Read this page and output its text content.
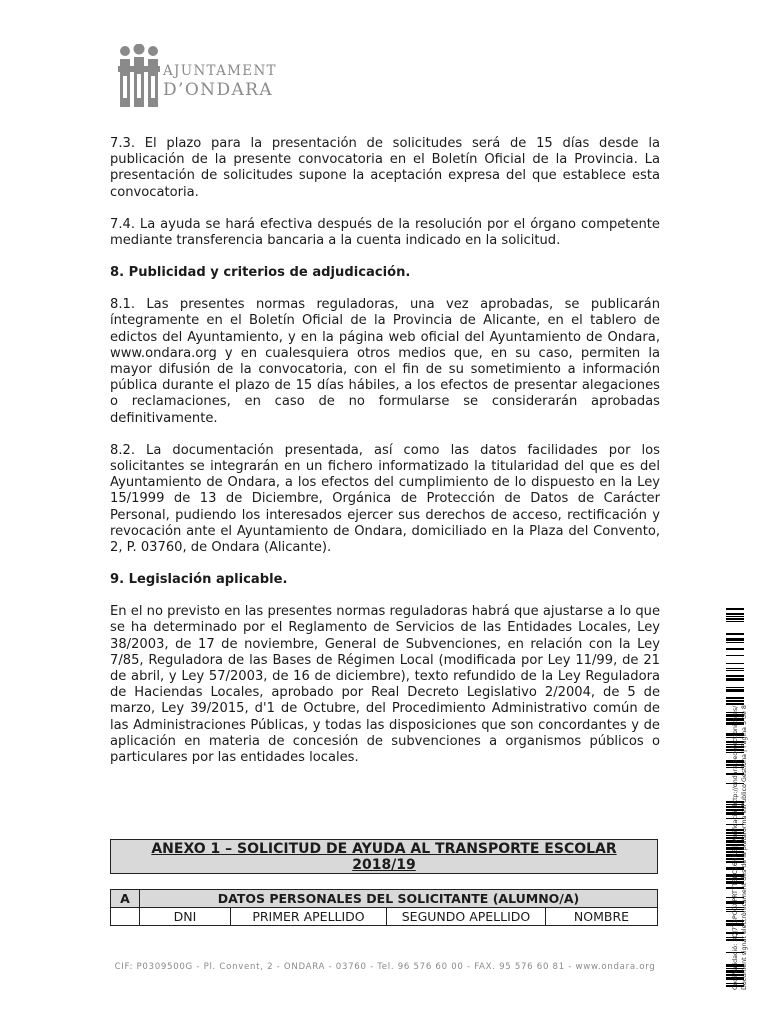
AJUNTAMENT
D’ONDARA

7.3. El plazo para la presentación de solicitudes será de 15 días desde la publicación de la presente convocatoria en el Boletín Oficial de la Provincia. La presentación de solicitudes supone la aceptación expresa del que establece esta convocatoria.

7.4. La ayuda se hará efectiva después de la resolución por el órgano competente mediante transferencia bancaria a la cuenta indicado en la solicitud.

8. Publicidad y criterios de adjudicación.

8.1. Las presentes normas reguladoras, una vez aprobadas, se publicarán íntegramente en el Boletín Oficial de la Provincia de Alicante, en el tablero de edictos del Ayuntamiento, y en la página web oficial del Ayuntamiento de Ondara, www.ondara.org y en cualesquiera otros medios que, en su caso, permiten la mayor difusión de la convocatoria, con el fin de su sometimiento a información pública durante el plazo de 15 días hábiles, a los efectos de presentar alegaciones o reclamaciones, en caso de no formularse se considerarán aprobadas definitivamente.

8.2. La documentación presentada, así como las datos facilidades por los solicitantes se integrarán en un fichero informatizado la titularidad del que es del Ayuntamiento de Ondara, a los efectos del cumplimiento de lo dispuesto en la Ley 15/1999 de 13 de Diciembre, Orgánica de Protección de Datos de Carácter Personal, pudiendo los interesados ejercer sus derechos de acceso, rectificación y revocación ante el Ayuntamiento de Ondara, domiciliado en la Plaza del Convento, 2, P. 03760, de Ondara (Alicante).

9. Legislación aplicable.

En el no previsto en las presentes normas reguladoras habrá que ajustarse a lo que se ha determinado por el Reglamento de Servicios de las Entidades Locales, Ley 38/2003, de 17 de noviembre, General de Subvenciones, en relación con la Ley 7/85, Reguladora de las Bases de Régimen Local (modificada por Ley 11/99, de 21 de abril, y Ley 57/2003, de 16 de diciembre), texto refundido de la Ley Reguladora de Haciendas Locales, aprobado por Real Decreto Legislativo 2/2004, de 5 de marzo, Ley 39/2015, d'1 de Octubre, del Procedimiento Administrativo común de las Administraciones Públicas, y todas las disposiciones que son concordantes y de aplicación en materia de concesión de subvenciones a organismos públicos o particulares por las entidades locales.

ANEXO 1 – SOLICITUD DE AYUDA AL TRANSPORTE ESCOLAR
2018/19
A	DATOS PERSONALES DEL SOLICITANTE (ALUMNO/A)			
	DNI	PRIMER APELLIDO	SEGUNDO APELLIDO	NOMBRE
CIF: P0309500G - Pl. Convent, 2 - ONDARA - 03760 - Tel. 96 576 60 00 - FAX. 95 576 60 81 - www.ondara.org	Codi Validació: 3QJ7T3PCGXPRT7T5KC26HRE | Verificació: http://ondara.sedelectronica.es/ Document signat electrònicament des de la plataforma esPublico Gestiona | Pàgina 5 de 8
